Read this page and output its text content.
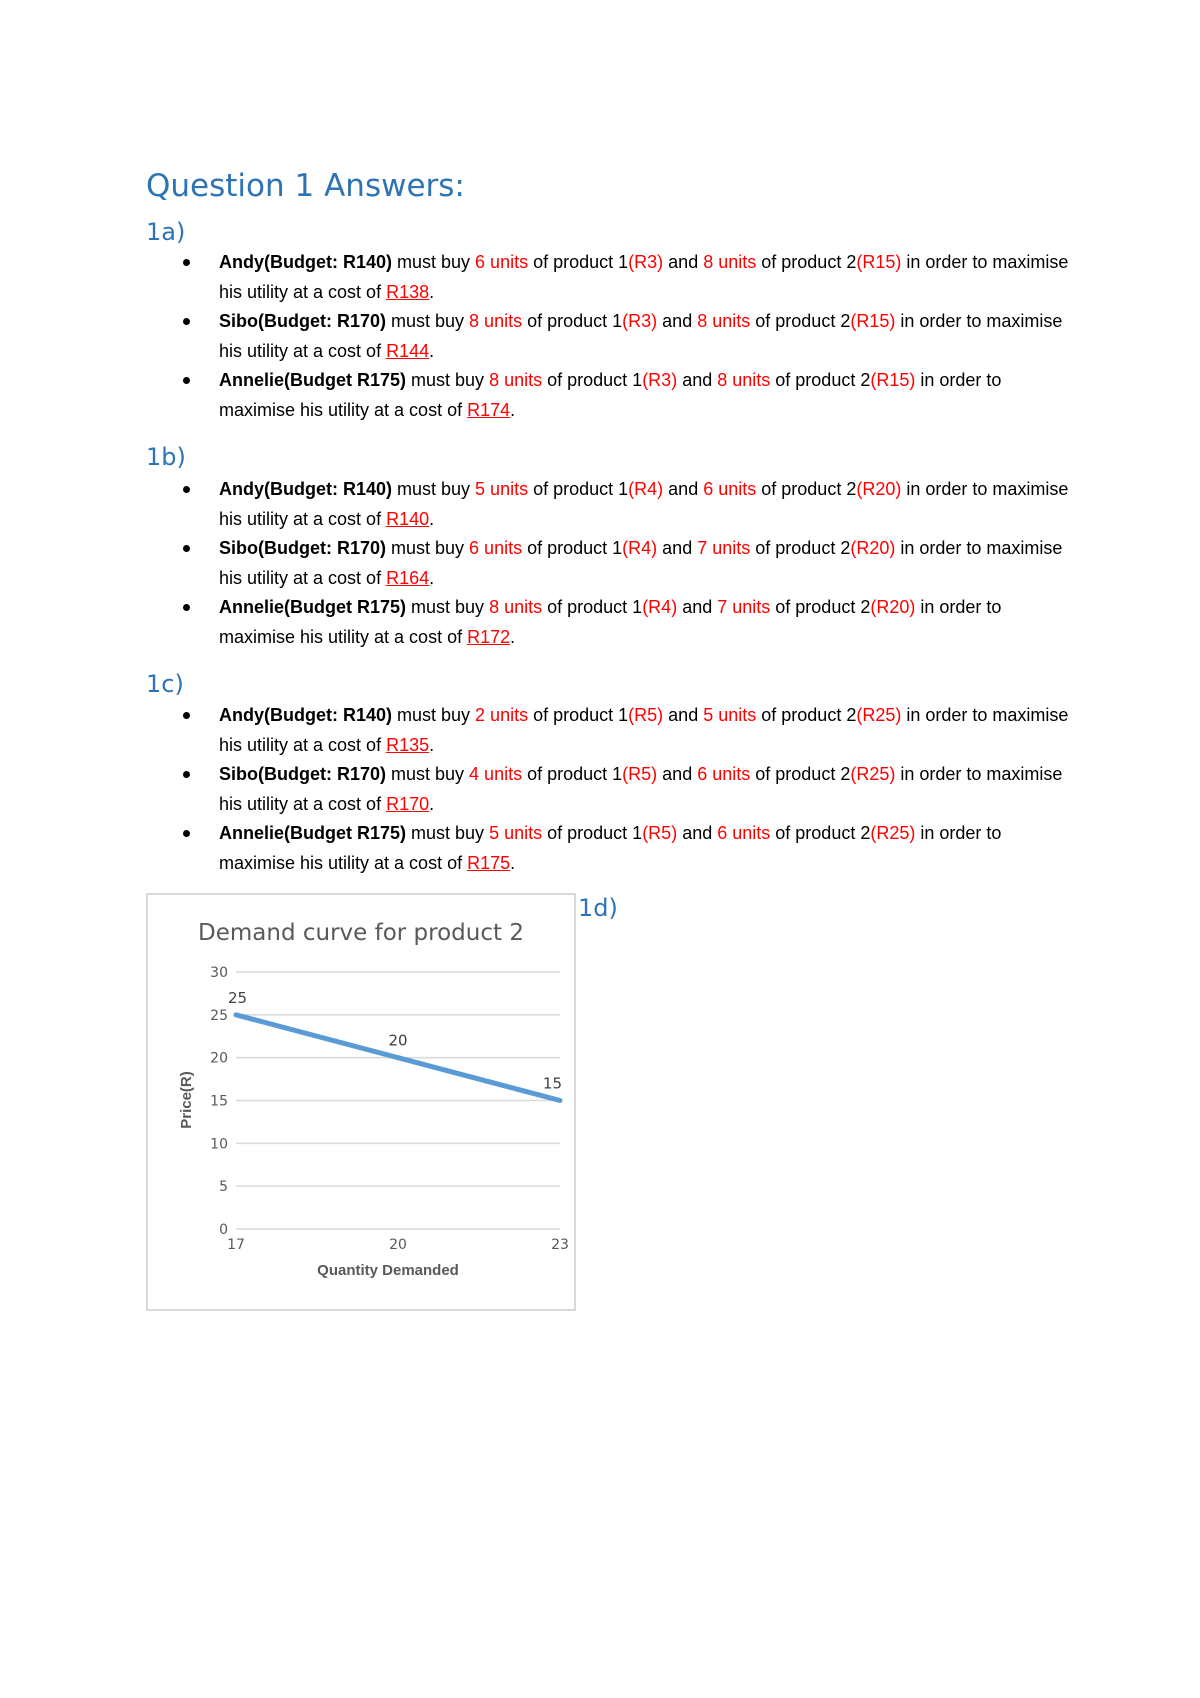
Question 1 Answers:
1a)
Andy(Budget: R140) must buy 6 units of product 1(R3) and 8 units of product 2(R15) in order to maximise his utility at a cost of R138.
Sibo(Budget: R170) must buy 8 units of product 1(R3) and 8 units of product 2(R15) in order to maximise his utility at a cost of R144.
Annelie(Budget R175) must buy 8 units of product 1(R3) and 8 units of product 2(R15) in order to maximise his utility at a cost of R174.
1b)
Andy(Budget: R140) must buy 5 units of product 1(R4) and 6 units of product 2(R20) in order to maximise his utility at a cost of R140.
Sibo(Budget: R170) must buy 6 units of product 1(R4) and 7 units of product 2(R20) in order to maximise his utility at a cost of R164.
Annelie(Budget R175) must buy 8 units of product 1(R4) and 7 units of product 2(R20) in order to maximise his utility at a cost of R172.
1c)
Andy(Budget: R140) must buy 2 units of product 1(R5) and 5 units of product 2(R25) in order to maximise his utility at a cost of R135.
Sibo(Budget: R170) must buy 4 units of product 1(R5) and 6 units of product 2(R25) in order to maximise his utility at a cost of R170.
Annelie(Budget R175) must buy 5 units of product 1(R5) and 6 units of product 2(R25) in order to maximise his utility at a cost of R175.
Demand curve for product 2
0
5
10
15
20
25
30
17	20	23
25
20
15
Quantity Demanded
Price(R)
1d)
